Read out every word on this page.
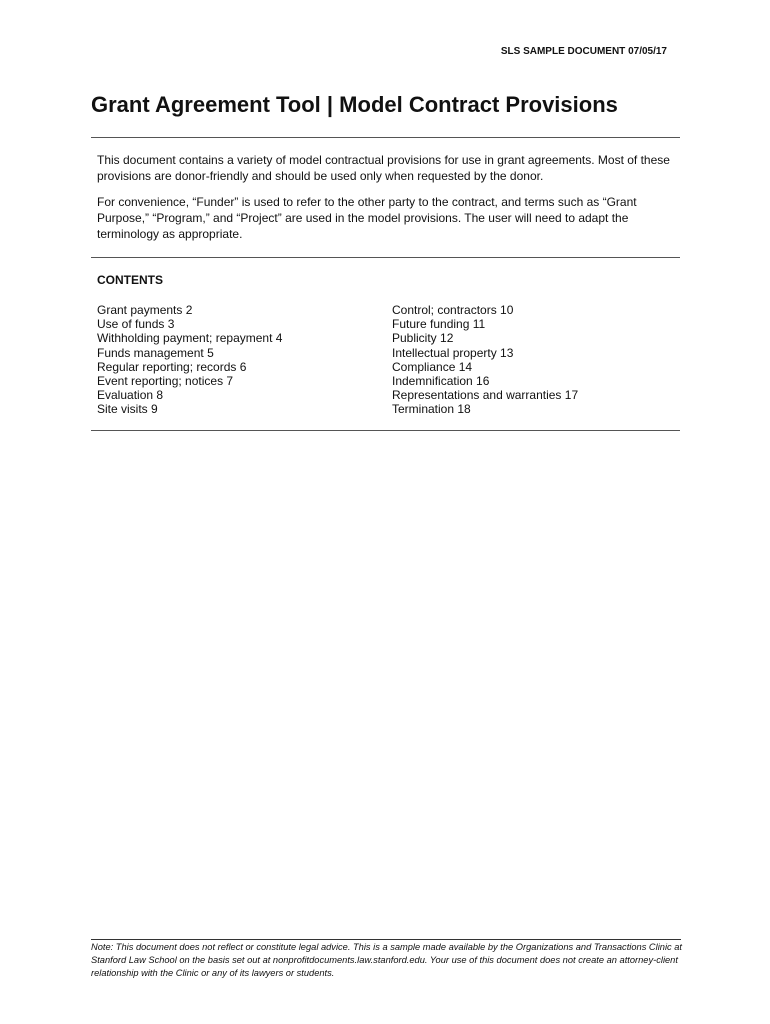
SLS SAMPLE DOCUMENT 07/05/17
Grant Agreement Tool | Model Contract Provisions

This document contains a variety of model contractual provisions for use in grant agreements. Most of these provisions are donor-friendly and should be used only when requested by the donor.

For convenience, “Funder” is used to refer to the other party to the contract, and terms such as “Grant Purpose,” “Program,” and “Project” are used in the model provisions. The user will need to adapt the terminology as appropriate.

CONTENTS
Grant payments 2
Use of funds 3
Withholding payment; repayment 4
Funds management 5
Regular reporting; records 6
Event reporting; notices 7
Evaluation 8
Site visits 9
Control; contractors 10
Future funding 11
Publicity 12
Intellectual property 13
Compliance 14
Indemnification 16
Representations and warranties 17
Termination 18
Note: This document does not reflect or constitute legal advice. This is a sample made available by the Organizations and Transactions Clinic at Stanford Law School on the basis set out at nonprofitdocuments.law.stanford.edu. Your use of this document does not create an attorney-client relationship with the Clinic or any of its lawyers or students.
